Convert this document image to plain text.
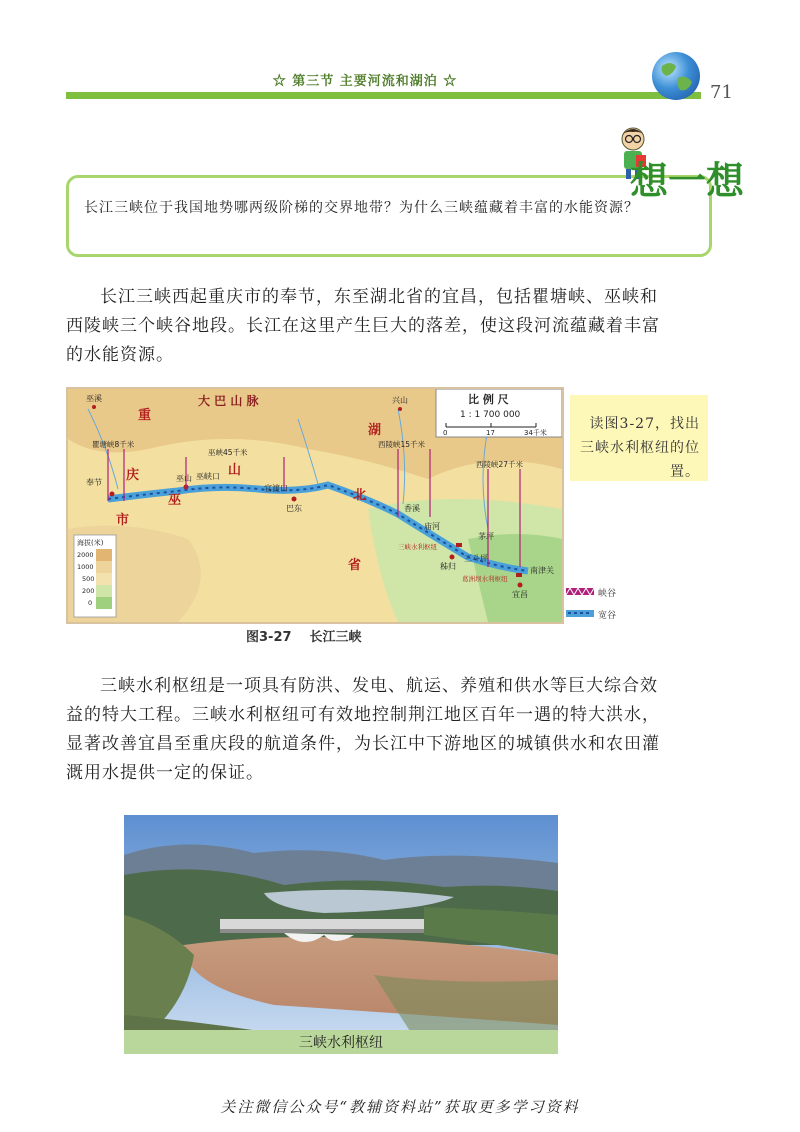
☆ 第三节 主要河流和湖泊 ☆
71
想一想
长江三峡位于我国地势哪两级阶梯的交界地带？为什么三峡蕴藏着丰富的水能资源？
长江三峡西起重庆市的奉节，东至湖北省的宜昌，包括瞿塘峡、巫峡和西陵峡三个峡谷地段。长江在这里产生巨大的落差，使这段河流蕴藏着丰富的水能资源。
大 巴 山 脉
重
庆
市
湖
北
省
巫
山
巫溪	兴山
奉节	巫山
巴东
秭归
宜昌
南津关
香溪
庙河
茅坪
三斗坪
巫峡口
官渡口
瞿塘峡8千米
巫峡45千米
西陵峡15千米
西陵峡27千米
三峡水利枢纽
葛洲坝水利枢纽
比 例 尺
1 : 1 700 000
0	17	34千米
海拔(米)
2000
1000
500
200
0
峡谷
宽谷
图3-27 长江三峡
读图3-27，找出三峡水利枢纽的位置。
三峡水利枢纽是一项具有防洪、发电、航运、养殖和供水等巨大综合效益的特大工程。三峡水利枢纽可有效地控制荆江地区百年一遇的特大洪水，显著改善宜昌至重庆段的航道条件，为长江中下游地区的城镇供水和农田灌溉用水提供一定的保证。
三峡水利枢纽
关注微信公众号“教辅资料站”获取更多学习资料
